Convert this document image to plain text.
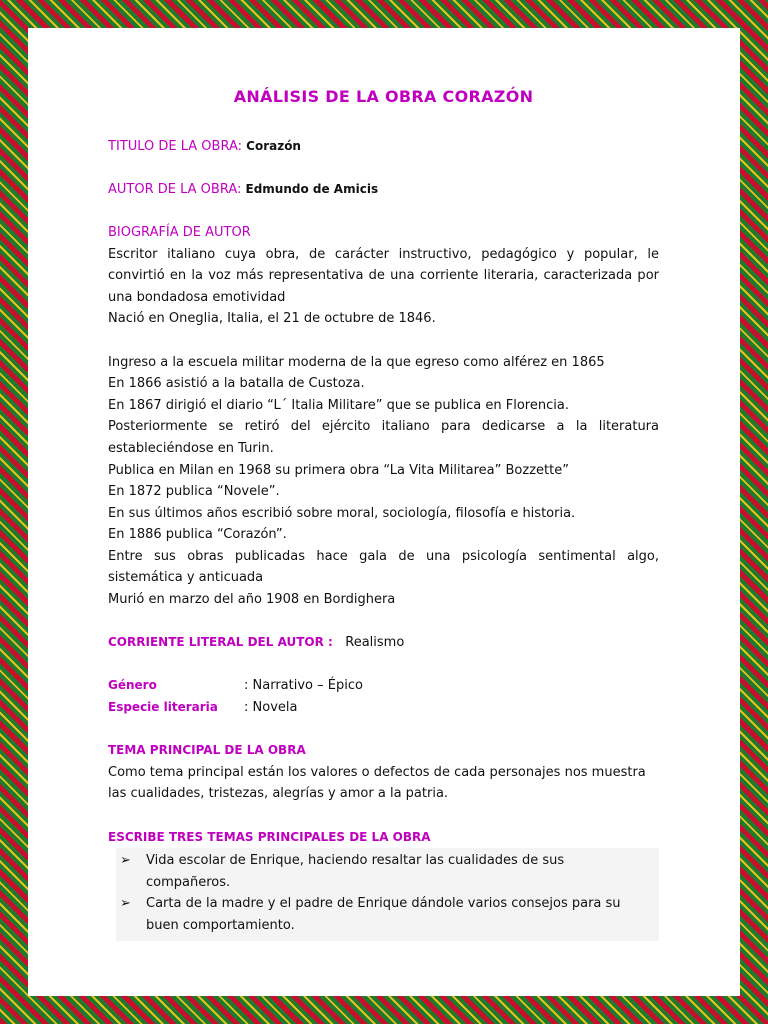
ANÁLISIS DE LA OBRA CORAZÓN

TITULO DE LA OBRA: Corazón

AUTOR DE LA OBRA: Edmundo de Amicis

BIOGRAFÍA DE AUTOR

Escritor italiano cuya obra, de carácter instructivo, pedagógico y popular, le convirtió en la voz más representativa de una corriente literaria, caracterizada por una bondadosa emotividad

Nació en Oneglia, Italia, el 21 de octubre de 1846.

Ingreso a la escuela militar moderna de la que egreso como alférez en 1865

En 1866 asistió a la batalla de Custoza.

En 1867 dirigió el diario “L´ Italia Militare” que se publica en Florencia.

Posteriormente se retiró del ejército italiano para dedicarse a la literatura estableciéndose en Turin.

Publica en Milan en 1968 su primera obra “La Vita Militarea” Bozzette”

En 1872 publica “Novele”.

En sus últimos años escribió sobre moral, sociología, filosofía e historia.

En 1886 publica “Corazón”.

Entre sus obras publicadas hace gala de una psicología sentimental algo, sistemática y anticuada

Murió en marzo del año 1908 en Bordighera

CORRIENTE LITERAL DEL AUTOR : Realismo

Género	: Narrativo – Épico
Especie literaria	: Novela

TEMA PRINCIPAL DE LA OBRA

Como tema principal están los valores o defectos de cada personajes nos muestra las cualidades, tristezas, alegrías y amor a la patria.

ESCRIBE TRES TEMAS PRINCIPALES DE LA OBRA

➢	Vida escolar de Enrique, haciendo resaltar las cualidades de sus compañeros.
➢	Carta de la madre y el padre de Enrique dándole varios consejos para su buen comportamiento.
